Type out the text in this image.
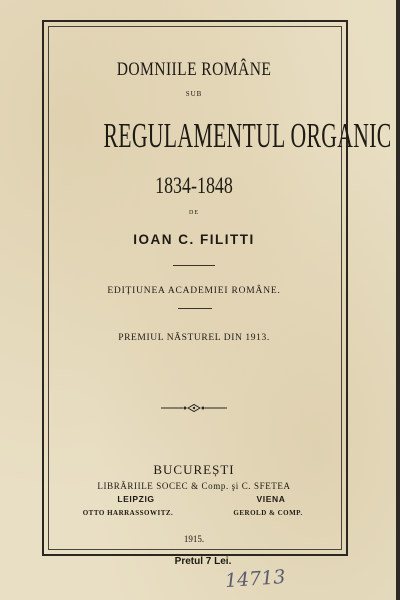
DOMNIILE ROMÂNE
SUB
REGULAMENTUL ORGANIC
1834-1848
DE
IOAN C. FILITTI
EDIȚIUNEA ACADEMIEI ROMÂNE.
PREMIUL NĂSTUREL DIN 1913.
BUCUREȘTI
LIBRĂRIILE SOCEC & Comp. şi C. SFETEA
LEIPZIG	VIENA
OTTO HARRASSOWITZ.	GEROLD & COMP.
1915.
Pretul 7 Lei.
14713
